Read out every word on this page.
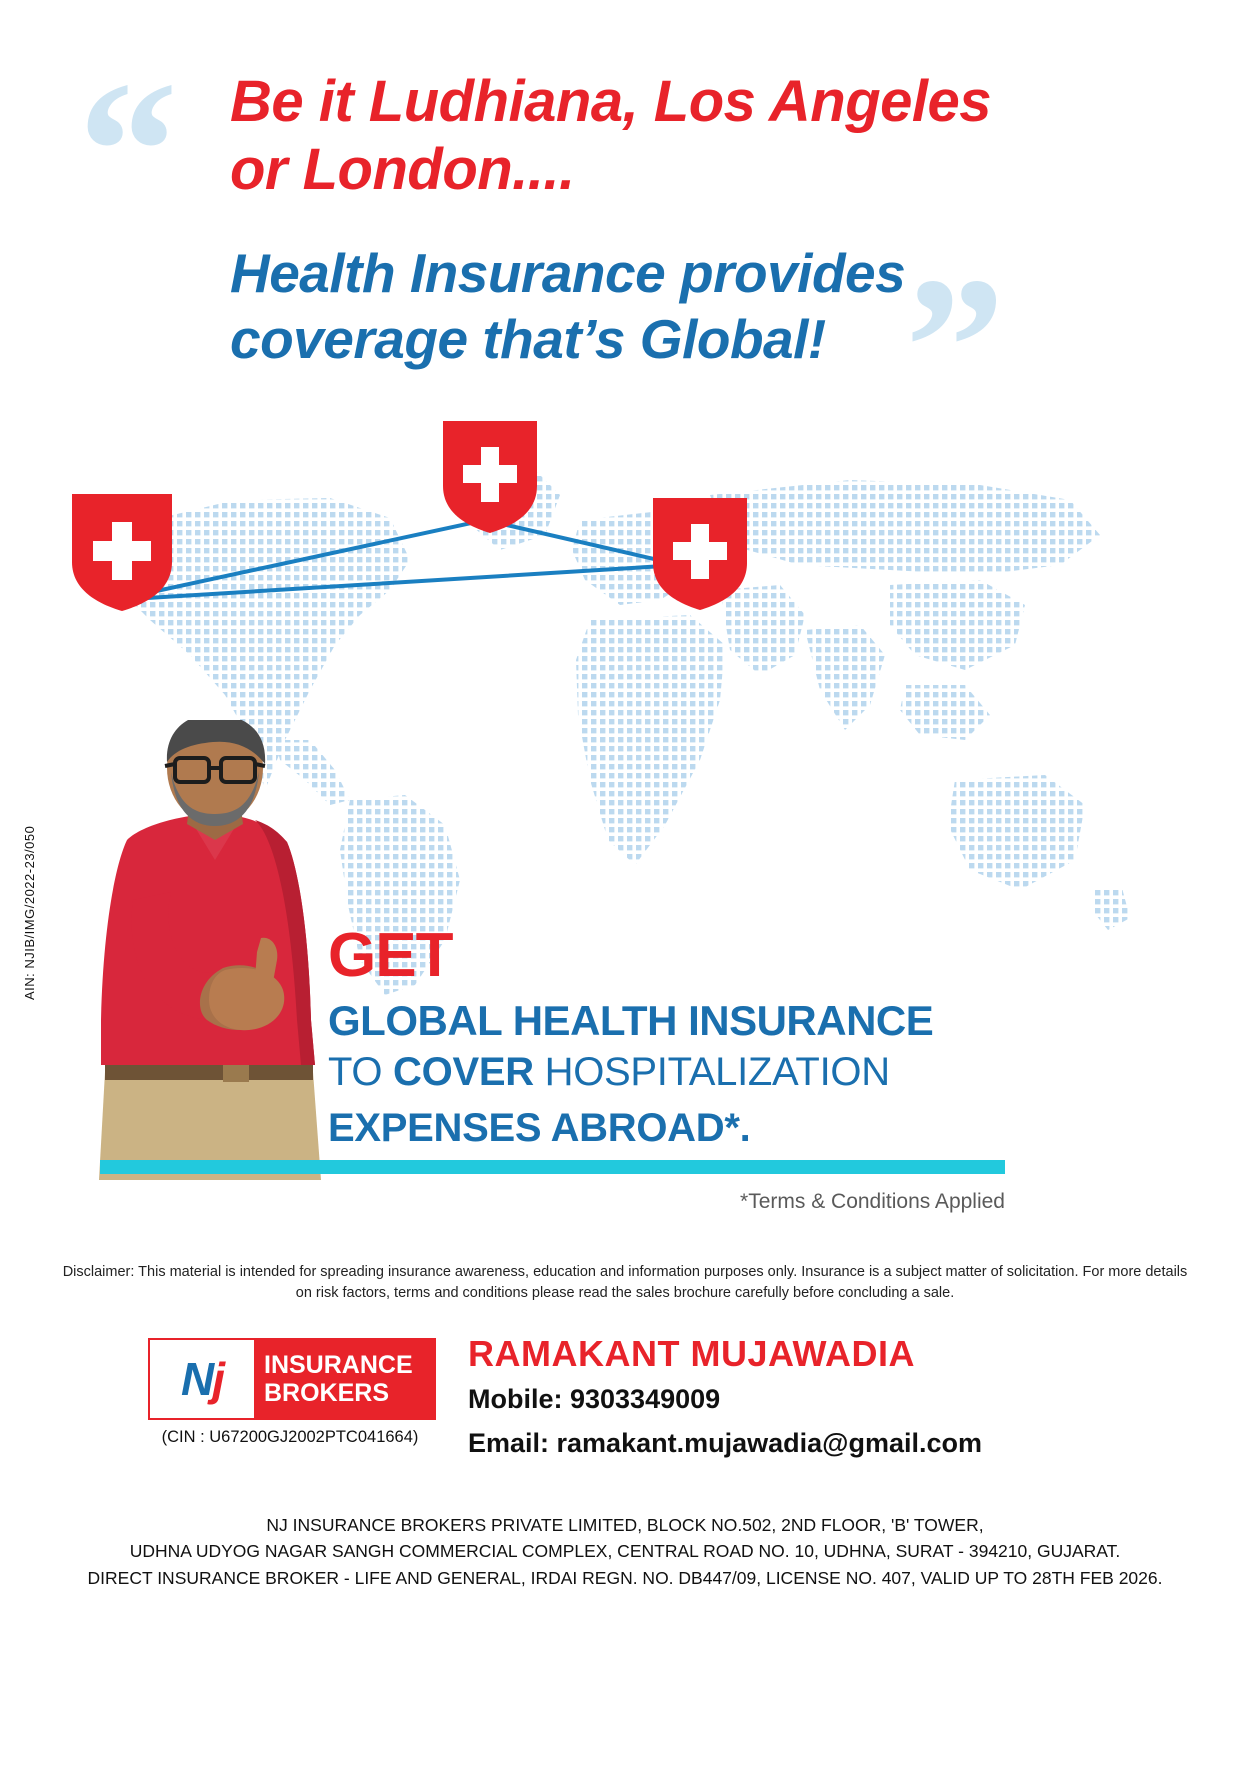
AIN: NJIB/IMG/2022-23/050
“
”
Be it Ludhiana, Los Angeles or London....
Health Insurance provides coverage that’s Global!
GET
GLOBAL HEALTH INSURANCE
TO COVER HOSPITALIZATION
EXPENSES ABROAD*.
*Terms & Conditions Applied
Disclaimer: This material is intended for spreading insurance awareness, education and information purposes only. Insurance is a subject matter of solicitation. For more details on risk factors, terms and conditions please read the sales brochure carefully before concluding a sale.
Nj INSURANCE
BROKERS
(CIN : U67200GJ2002PTC041664)
RAMAKANT MUJAWADIA
Mobile: 9303349009
Email: ramakant.mujawadia@gmail.com
NJ INSURANCE BROKERS PRIVATE LIMITED, BLOCK NO.502, 2ND FLOOR, 'B' TOWER,
UDHNA UDYOG NAGAR SANGH COMMERCIAL COMPLEX, CENTRAL ROAD NO. 10, UDHNA, SURAT - 394210, GUJARAT.
DIRECT INSURANCE BROKER - LIFE AND GENERAL, IRDAI REGN. NO. DB447/09, LICENSE NO. 407, VALID UP TO 28TH FEB 2026.
